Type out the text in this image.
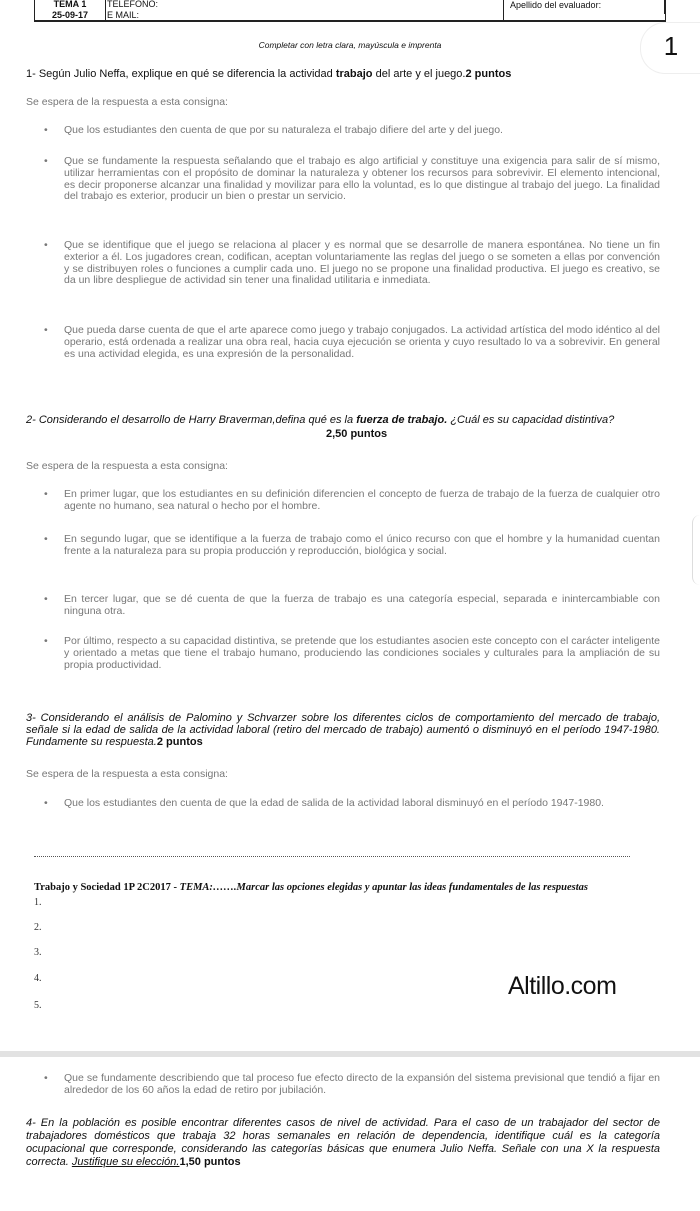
TEMA 1
25-09-17
TELÉFONO:
E MAIL:
Apellido del evaluador:
1
Completar con letra clara, mayúscula e imprenta
1- Según Julio Neffa, explique en qué se diferencia la actividad trabajo del arte y el juego.2 puntos
Se espera de la respuesta a esta consigna:
• Que los estudiantes den cuenta de que por su naturaleza el trabajo difiere del arte y del juego.
• Que se fundamente la respuesta señalando que el trabajo es algo artificial y constituye una exigencia para salir de sí mismo, utilizar herramientas con el propósito de dominar la naturaleza y obtener los recursos para sobrevivir. El elemento intencional, es decir proponerse alcanzar una finalidad y movilizar para ello la voluntad, es lo que distingue al trabajo del juego. La finalidad del trabajo es exterior, producir un bien o prestar un servicio.
• Que se identifique que el juego se relaciona al placer y es normal que se desarrolle de manera espontánea. No tiene un fin exterior a él. Los jugadores crean, codifican, aceptan voluntariamente las reglas del juego o se someten a ellas por convención y se distribuyen roles o funciones a cumplir cada uno. El juego no se propone una finalidad productiva. El juego es creativo, se da un libre despliegue de actividad sin tener una finalidad utilitaria e inmediata.
• Que pueda darse cuenta de que el arte aparece como juego y trabajo conjugados. La actividad artística del modo idéntico al del operario, está ordenada a realizar una obra real, hacia cuya ejecución se orienta y cuyo resultado lo va a sobrevivir. En general es una actividad elegida, es una expresión de la personalidad.
2- Considerando el desarrollo de Harry Braverman,defina qué es la fuerza de trabajo. ¿Cuál es su capacidad distintiva?
2,50 puntos
Se espera de la respuesta a esta consigna:
• En primer lugar, que los estudiantes en su definición diferencien el concepto de fuerza de trabajo de la fuerza de cualquier otro agente no humano, sea natural o hecho por el hombre.
• En segundo lugar, que se identifique a la fuerza de trabajo como el único recurso con que el hombre y la humanidad cuentan frente a la naturaleza para su propia producción y reproducción, biológica y social.
• En tercer lugar, que se dé cuenta de que la fuerza de trabajo es una categoría especial, separada e inintercambiable con ninguna otra.
• Por último, respecto a su capacidad distintiva, se pretende que los estudiantes asocien este concepto con el carácter inteligente y orientado a metas que tiene el trabajo humano, produciendo las condiciones sociales y culturales para la ampliación de su propia productividad.
3- Considerando el análisis de Palomino y Schvarzer sobre los diferentes ciclos de comportamiento del mercado de trabajo, señale si la edad de salida de la actividad laboral (retiro del mercado de trabajo) aumentó o disminuyó en el período 1947-1980. Fundamente su respuesta.2 puntos
Se espera de la respuesta a esta consigna:
• Que los estudiantes den cuenta de que la edad de salida de la actividad laboral disminuyó en el período 1947-1980.
Trabajo y Sociedad 1P 2C2017 - TEMA:…….Marcar las opciones elegidas y apuntar las ideas fundamentales de las respuestas
1.
2.
3.
4.
5.
Altillo.com
• Que se fundamente describiendo que tal proceso fue efecto directo de la expansión del sistema previsional que tendió a fijar en alrededor de los 60 años la edad de retiro por jubilación.
4- En la población es posible encontrar diferentes casos de nivel de actividad. Para el caso de un trabajador del sector de trabajadores domésticos que trabaja 32 horas semanales en relación de dependencia, identifique cuál es la categoría ocupacional que corresponde, considerando las categorías básicas que enumera Julio Neffa. Señale con una X la respuesta correcta. Justifique su elección.1,50 puntos
